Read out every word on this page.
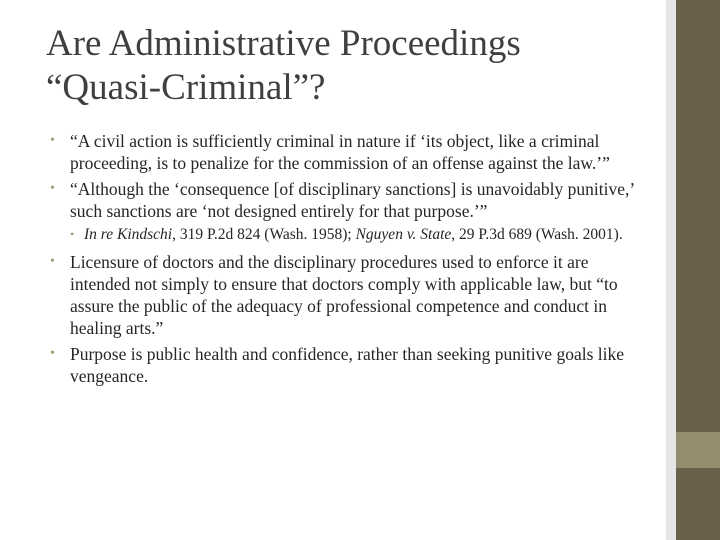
Are Administrative Proceedings
“Quasi-Criminal”?
• “A civil action is sufficiently criminal in nature if ‘its object, like a criminal proceeding, is to penalize for the commission of an offense against the law.’”
• “Although the ‘consequence [of disciplinary sanctions] is unavoidably punitive,’ such sanctions are ‘not designed entirely for that purpose.’”
• In re Kindschi, 319 P.2d 824 (Wash. 1958); Nguyen v. State, 29 P.3d 689 (Wash. 2001).
• Licensure of doctors and the disciplinary procedures used to enforce it are intended not simply to ensure that doctors comply with applicable law, but “to assure the public of the adequacy of professional competence and conduct in healing arts.”
• Purpose is public health and confidence, rather than seeking punitive goals like vengeance.
